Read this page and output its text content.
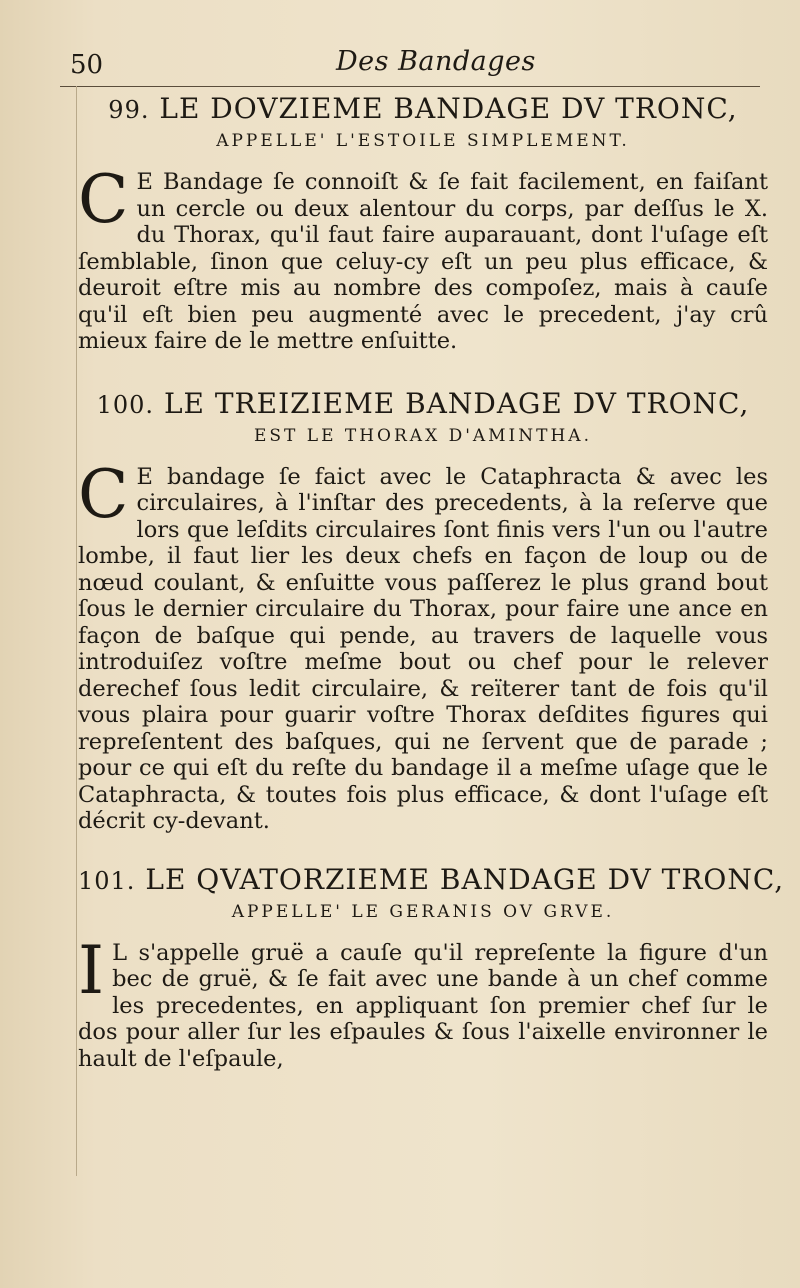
50	Des Bandages

99. LE DOVZIEME BANDAGE DV TRONC,

APPELLE' L'ESTOILE SIMPLEMENT.

C E Bandage ſe connoiſt & ſe fait facilement, en faiſant un cercle ou deux alentour du corps, par deſſus le X. du Thorax, qu'il faut faire auparauant, dont l'uſage eſt ſemblable, ſinon que celuy-cy eſt un peu plus efficace, & deuroit eſtre mis au nombre des compoſez, mais à cauſe qu'il eſt bien peu augmenté avec le precedent, j'ay crû mieux faire de le mettre enſuitte.

100. LE TREIZIEME BANDAGE DV TRONC,

EST LE THORAX D'AMINTHA.

C E bandage ſe faict avec le Cataphracta & avec les circulaires, à l'inſtar des precedents, à la reſerve que lors que leſdits circulaires ſont finis vers l'un ou l'autre lombe, il faut lier les deux chefs en façon de loup ou de nœud coulant, & enſuitte vous paſſerez le plus grand bout ſous le dernier circulaire du Thorax, pour faire une ance en façon de baſque qui pende, au travers de laquelle vous introduiſez voſtre meſme bout ou chef pour le relever derechef ſous ledit circulaire, & reïterer tant de fois qu'il vous plaira pour guarir voſtre Thorax deſdites figures qui repreſentent des baſques, qui ne ſervent que de parade ; pour ce qui eſt du reſte du bandage il a meſme uſage que le Cataphracta, & toutes fois plus efficace, & dont l'uſage eſt décrit cy-devant.

101. LE QVATORZIEME BANDAGE DV TRONC,

APPELLE' LE GERANIS OV GRVE.

I L s'appelle gruë a cauſe qu'il repreſente la figure d'un bec de gruë, & ſe fait avec une bande à un chef comme les precedentes, en appliquant ſon premier chef ſur le dos pour aller ſur les eſpaules & ſous l'aixelle environner le hault de l'eſpaule,
